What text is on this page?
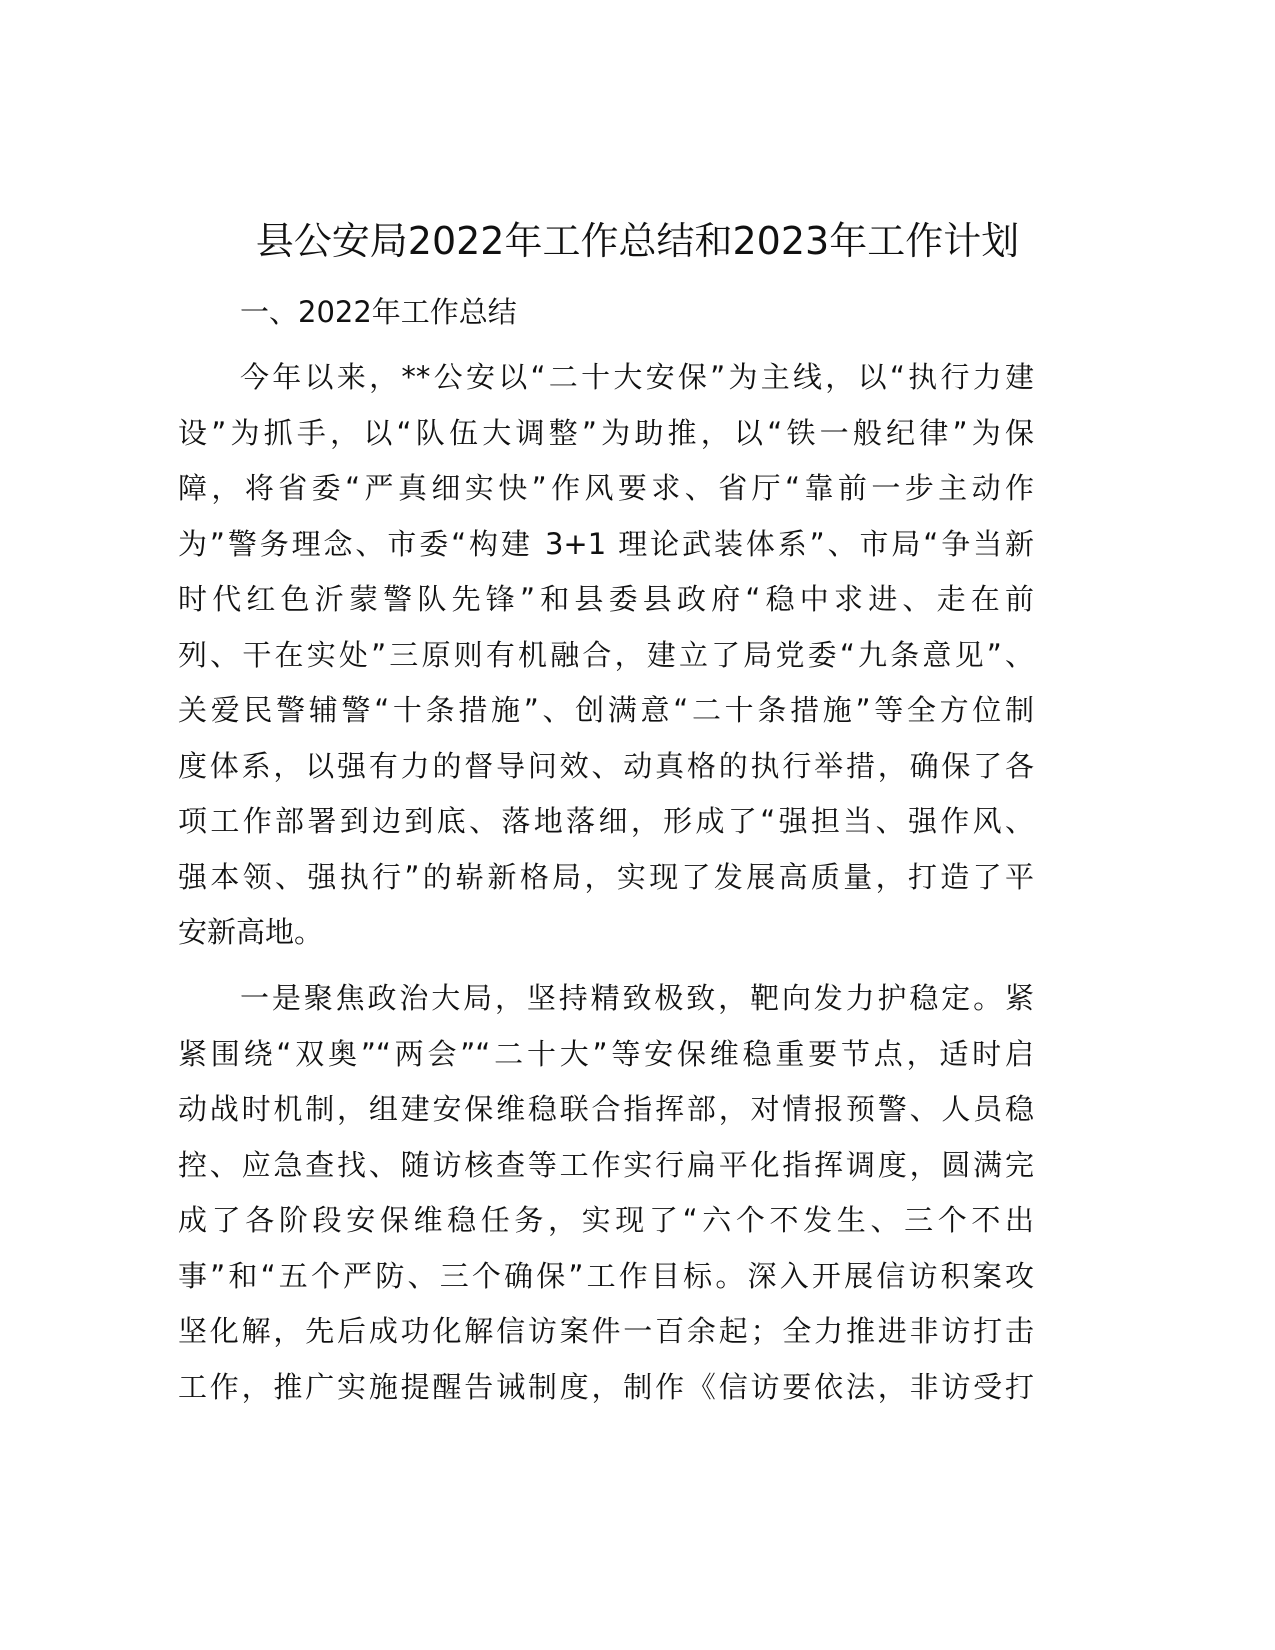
县公安局2022年工作总结和2023年工作计划
一、2022年工作总结
今年以来，**公安以“二十大安保”为主线，以“执行力建
设”为抓手，以“队伍大调整”为助推，以“铁一般纪律”为保
障，将省委“严真细实快”作风要求、省厅“靠前一步主动作
为”警务理念、市委“构建 3+1 理论武装体系”、市局“争当新
时代红色沂蒙警队先锋”和县委县政府“稳中求进、走在前
列、干在实处”三原则有机融合，建立了局党委“九条意见”、
关爱民警辅警“十条措施”、创满意“二十条措施”等全方位制
度体系，以强有力的督导问效、动真格的执行举措，确保了各
项工作部署到边到底、落地落细，形成了“强担当、强作风、
强本领、强执行”的崭新格局，实现了发展高质量，打造了平
安新高地。
一是聚焦政治大局，坚持精致极致，靶向发力护稳定。紧
紧围绕“双奥”“两会”“二十大”等安保维稳重要节点，适时启
动战时机制，组建安保维稳联合指挥部，对情报预警、人员稳
控、应急查找、随访核查等工作实行扁平化指挥调度，圆满完
成了各阶段安保维稳任务，实现了“六个不发生、三个不出
事”和“五个严防、三个确保”工作目标。深入开展信访积案攻
坚化解，先后成功化解信访案件一百余起；全力推进非访打击
工作，推广实施提醒告诫制度，制作《信访要依法，非访受打
